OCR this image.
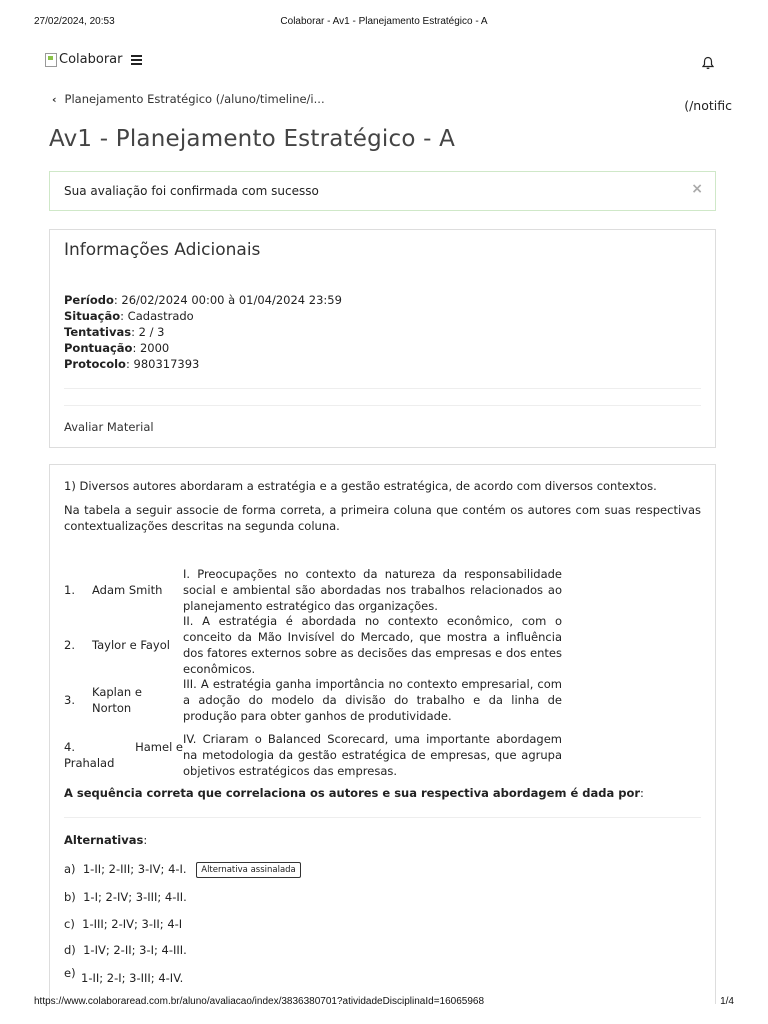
27/02/2024, 20:53	Colaborar - Av1 - Planejamento Estratégico - A
Colaborar
‹ Planejamento Estratégico (/aluno/timeline/i...	(/notific
Av1 - Planejamento Estratégico - A
Sua avaliação foi confirmada com sucesso	×
Informações Adicionais
Período: 26/02/2024 00:00 à 01/04/2024 23:59
Situação: Cadastrado
Tentativas: 2 / 3
Pontuação: 2000
Protocolo: 980317393
Avaliar Material
1) Diversos autores abordaram a estratégia e a gestão estratégica, de acordo com diversos contextos.
Na tabela a seguir associe de forma correta, a primeira coluna que contém os autores com suas respectivas contextualizações descritas na segunda coluna.
1.	Adam Smith
I. Preocupações no contexto da natureza da responsabilidade social e ambiental são abordadas nos trabalhos relacionados ao planejamento estratégico das organizações.
2.	Taylor e Fayol
II. A estratégia é abordada no contexto econômico, com o conceito da Mão Invisível do Mercado, que mostra a influência dos fatores externos sobre as decisões das empresas e dos entes econômicos.
3.
Kaplan e Norton
III. A estratégia ganha importância no contexto empresarial, com a adoção do modelo da divisão do trabalho e da linha de produção para obter ganhos de produtividade.
4.	Hamel e
Prahalad
IV. Criaram o Balanced Scorecard, uma importante abordagem na metodologia da gestão estratégica de empresas, que agrupa objetivos estratégicos das empresas.
A sequência correta que correlaciona os autores e sua respectiva abordagem é dada por:
Alternativas:
a) 1-II; 2-III; 3-IV; 4-I. Alternativa assinalada
b) 1-I; 2-IV; 3-III; 4-II.
c) 1-III; 2-IV; 3-II; 4-I
d) 1-IV; 2-II; 3-I; 4-III.
e) 1-II; 2-I; 3-III; 4-IV.
https://www.colaboraread.com.br/aluno/avaliacao/index/3836380701?atividadeDisciplinaId=16065968	1/4
